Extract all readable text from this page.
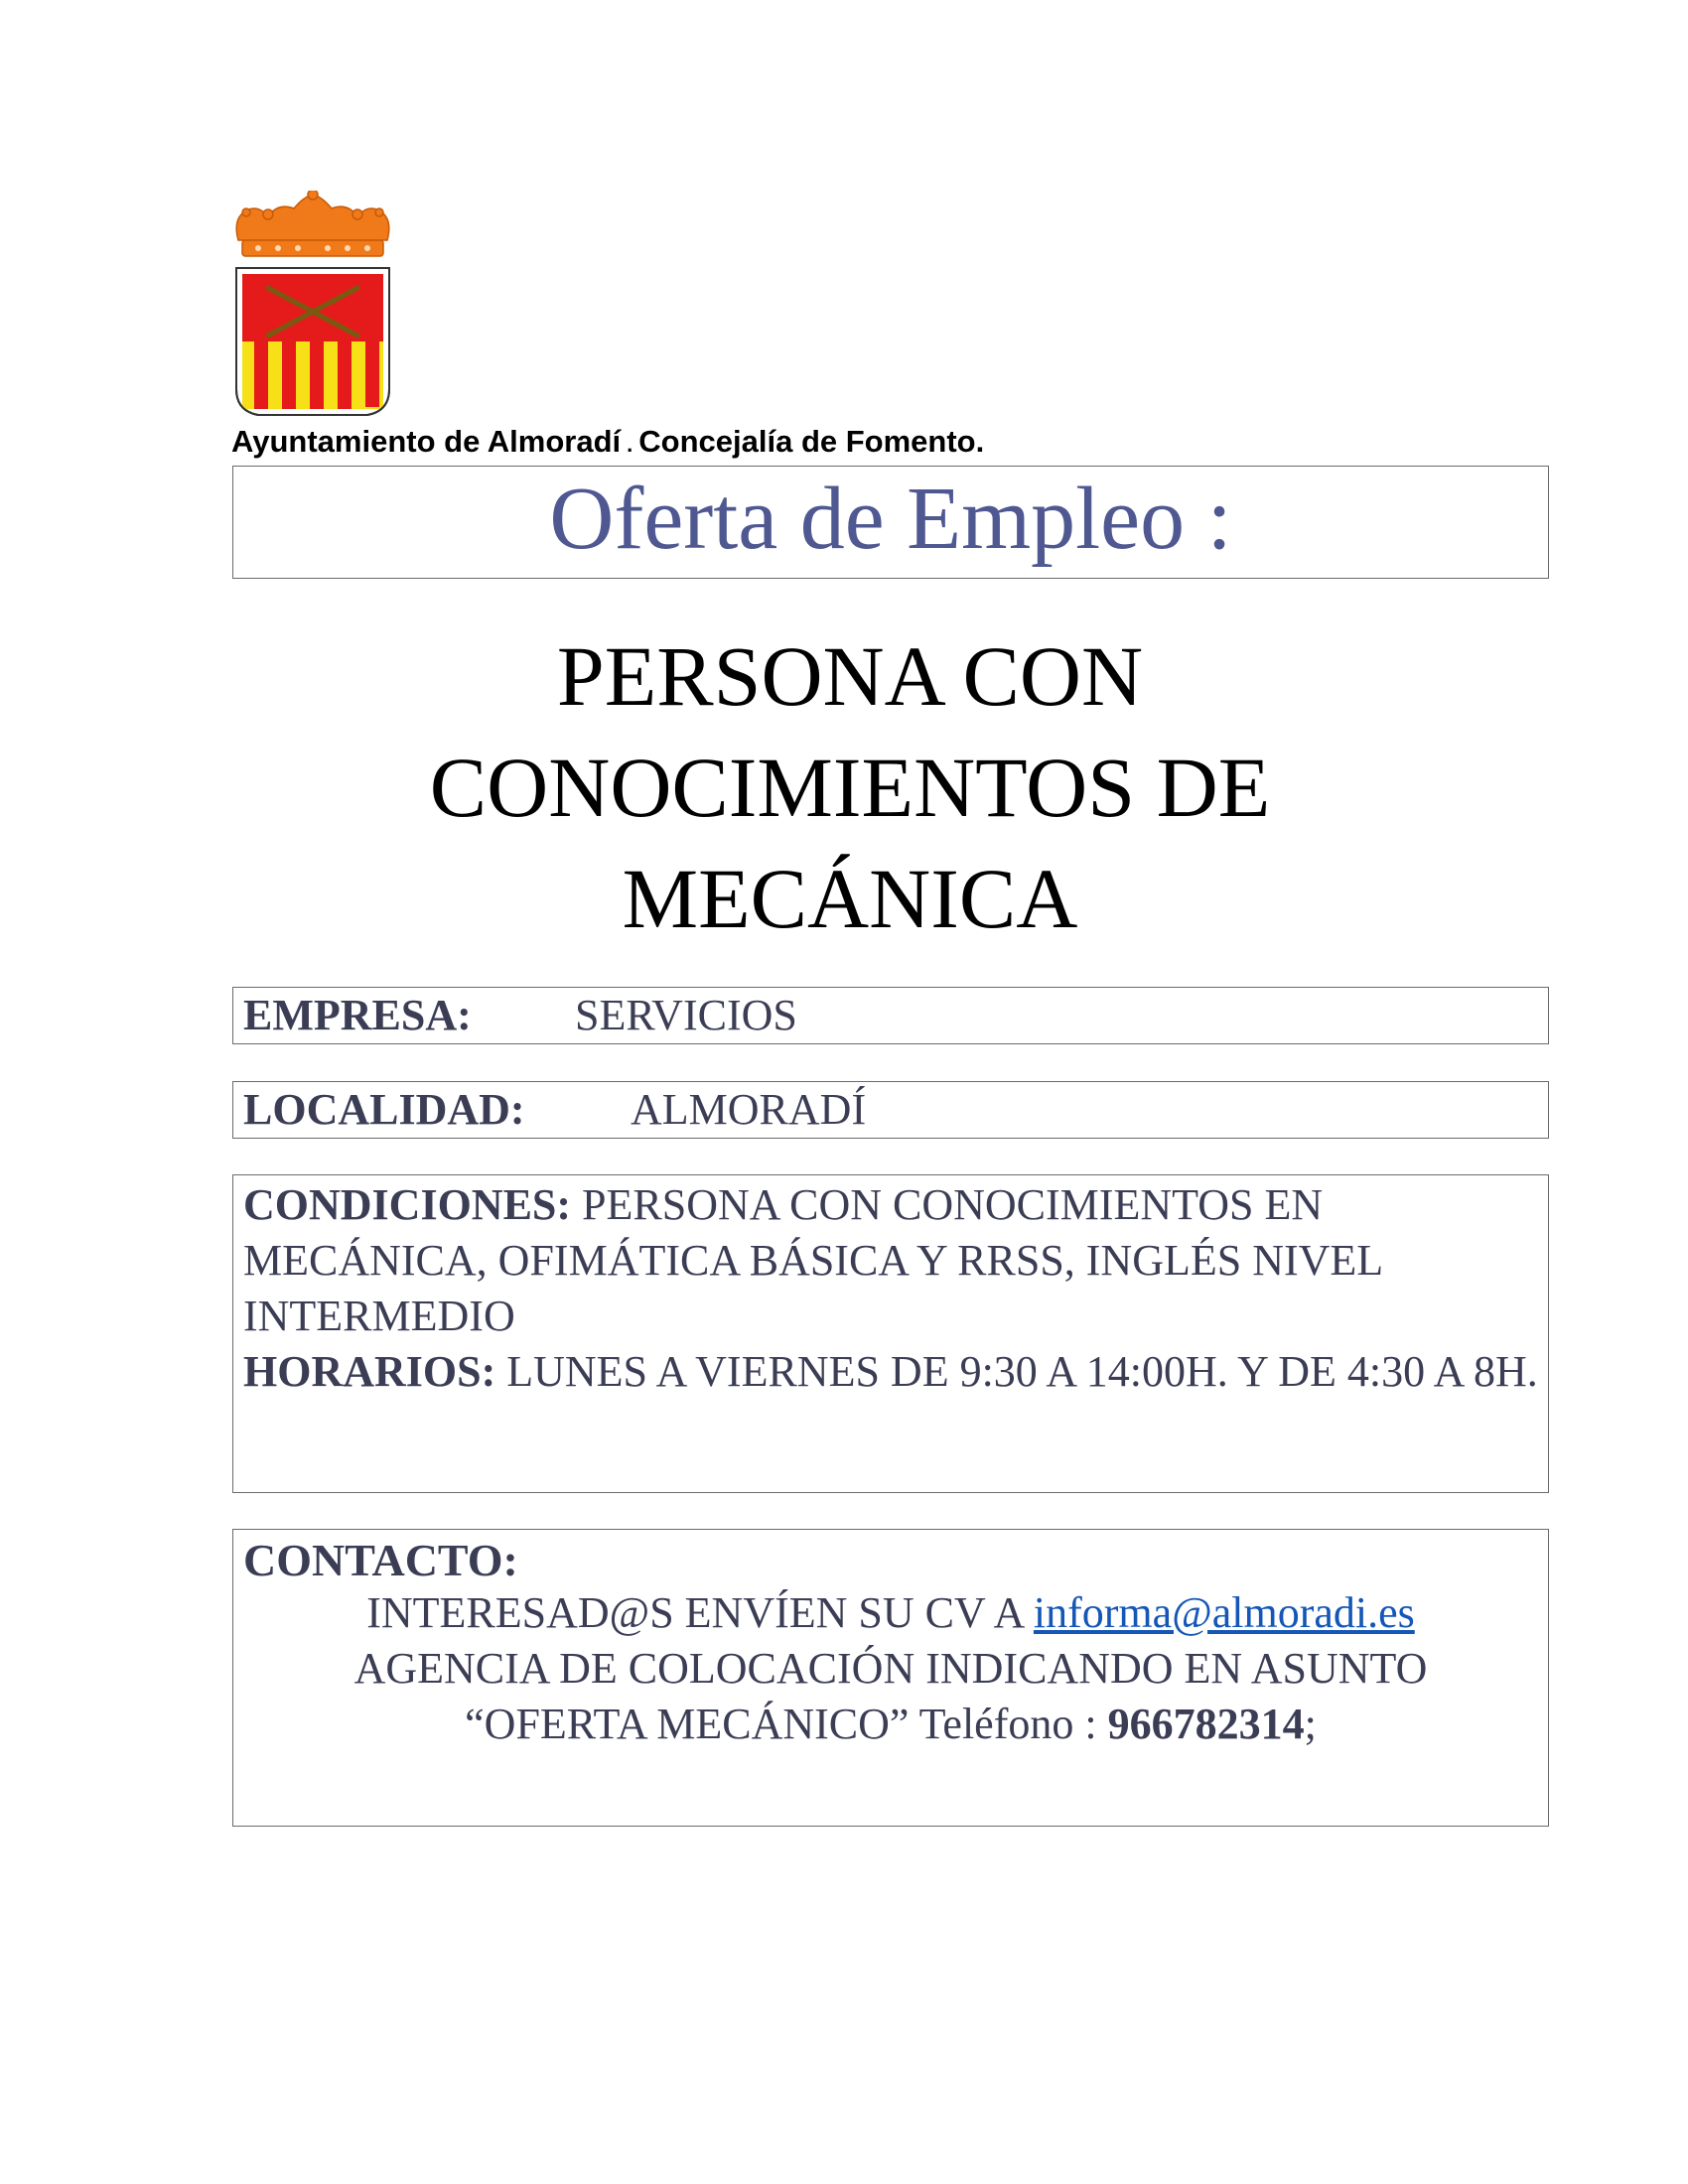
Ayuntamiento de Almoradí . Concejalía de Fomento.
Oferta de Empleo :
PERSONA CON
CONOCIMIENTOS DE
MECÁNICA
EMPRESA: SERVICIOS
LOCALIDAD: ALMORADÍ
CONDICIONES: PERSONA CON CONOCIMIENTOS EN MECÁNICA, OFIMÁTICA BÁSICA Y RRSS, INGLÉS NIVEL INTERMEDIO
HORARIOS: LUNES A VIERNES DE 9:30 A 14:00H. Y DE 4:30 A 8H.
CONTACTO:
INTERESAD@S ENVÍEN SU CV A informa@almoradi.es
AGENCIA DE COLOCACIÓN INDICANDO EN ASUNTO
“OFERTA MECÁNICO” Teléfono : 966782314;
